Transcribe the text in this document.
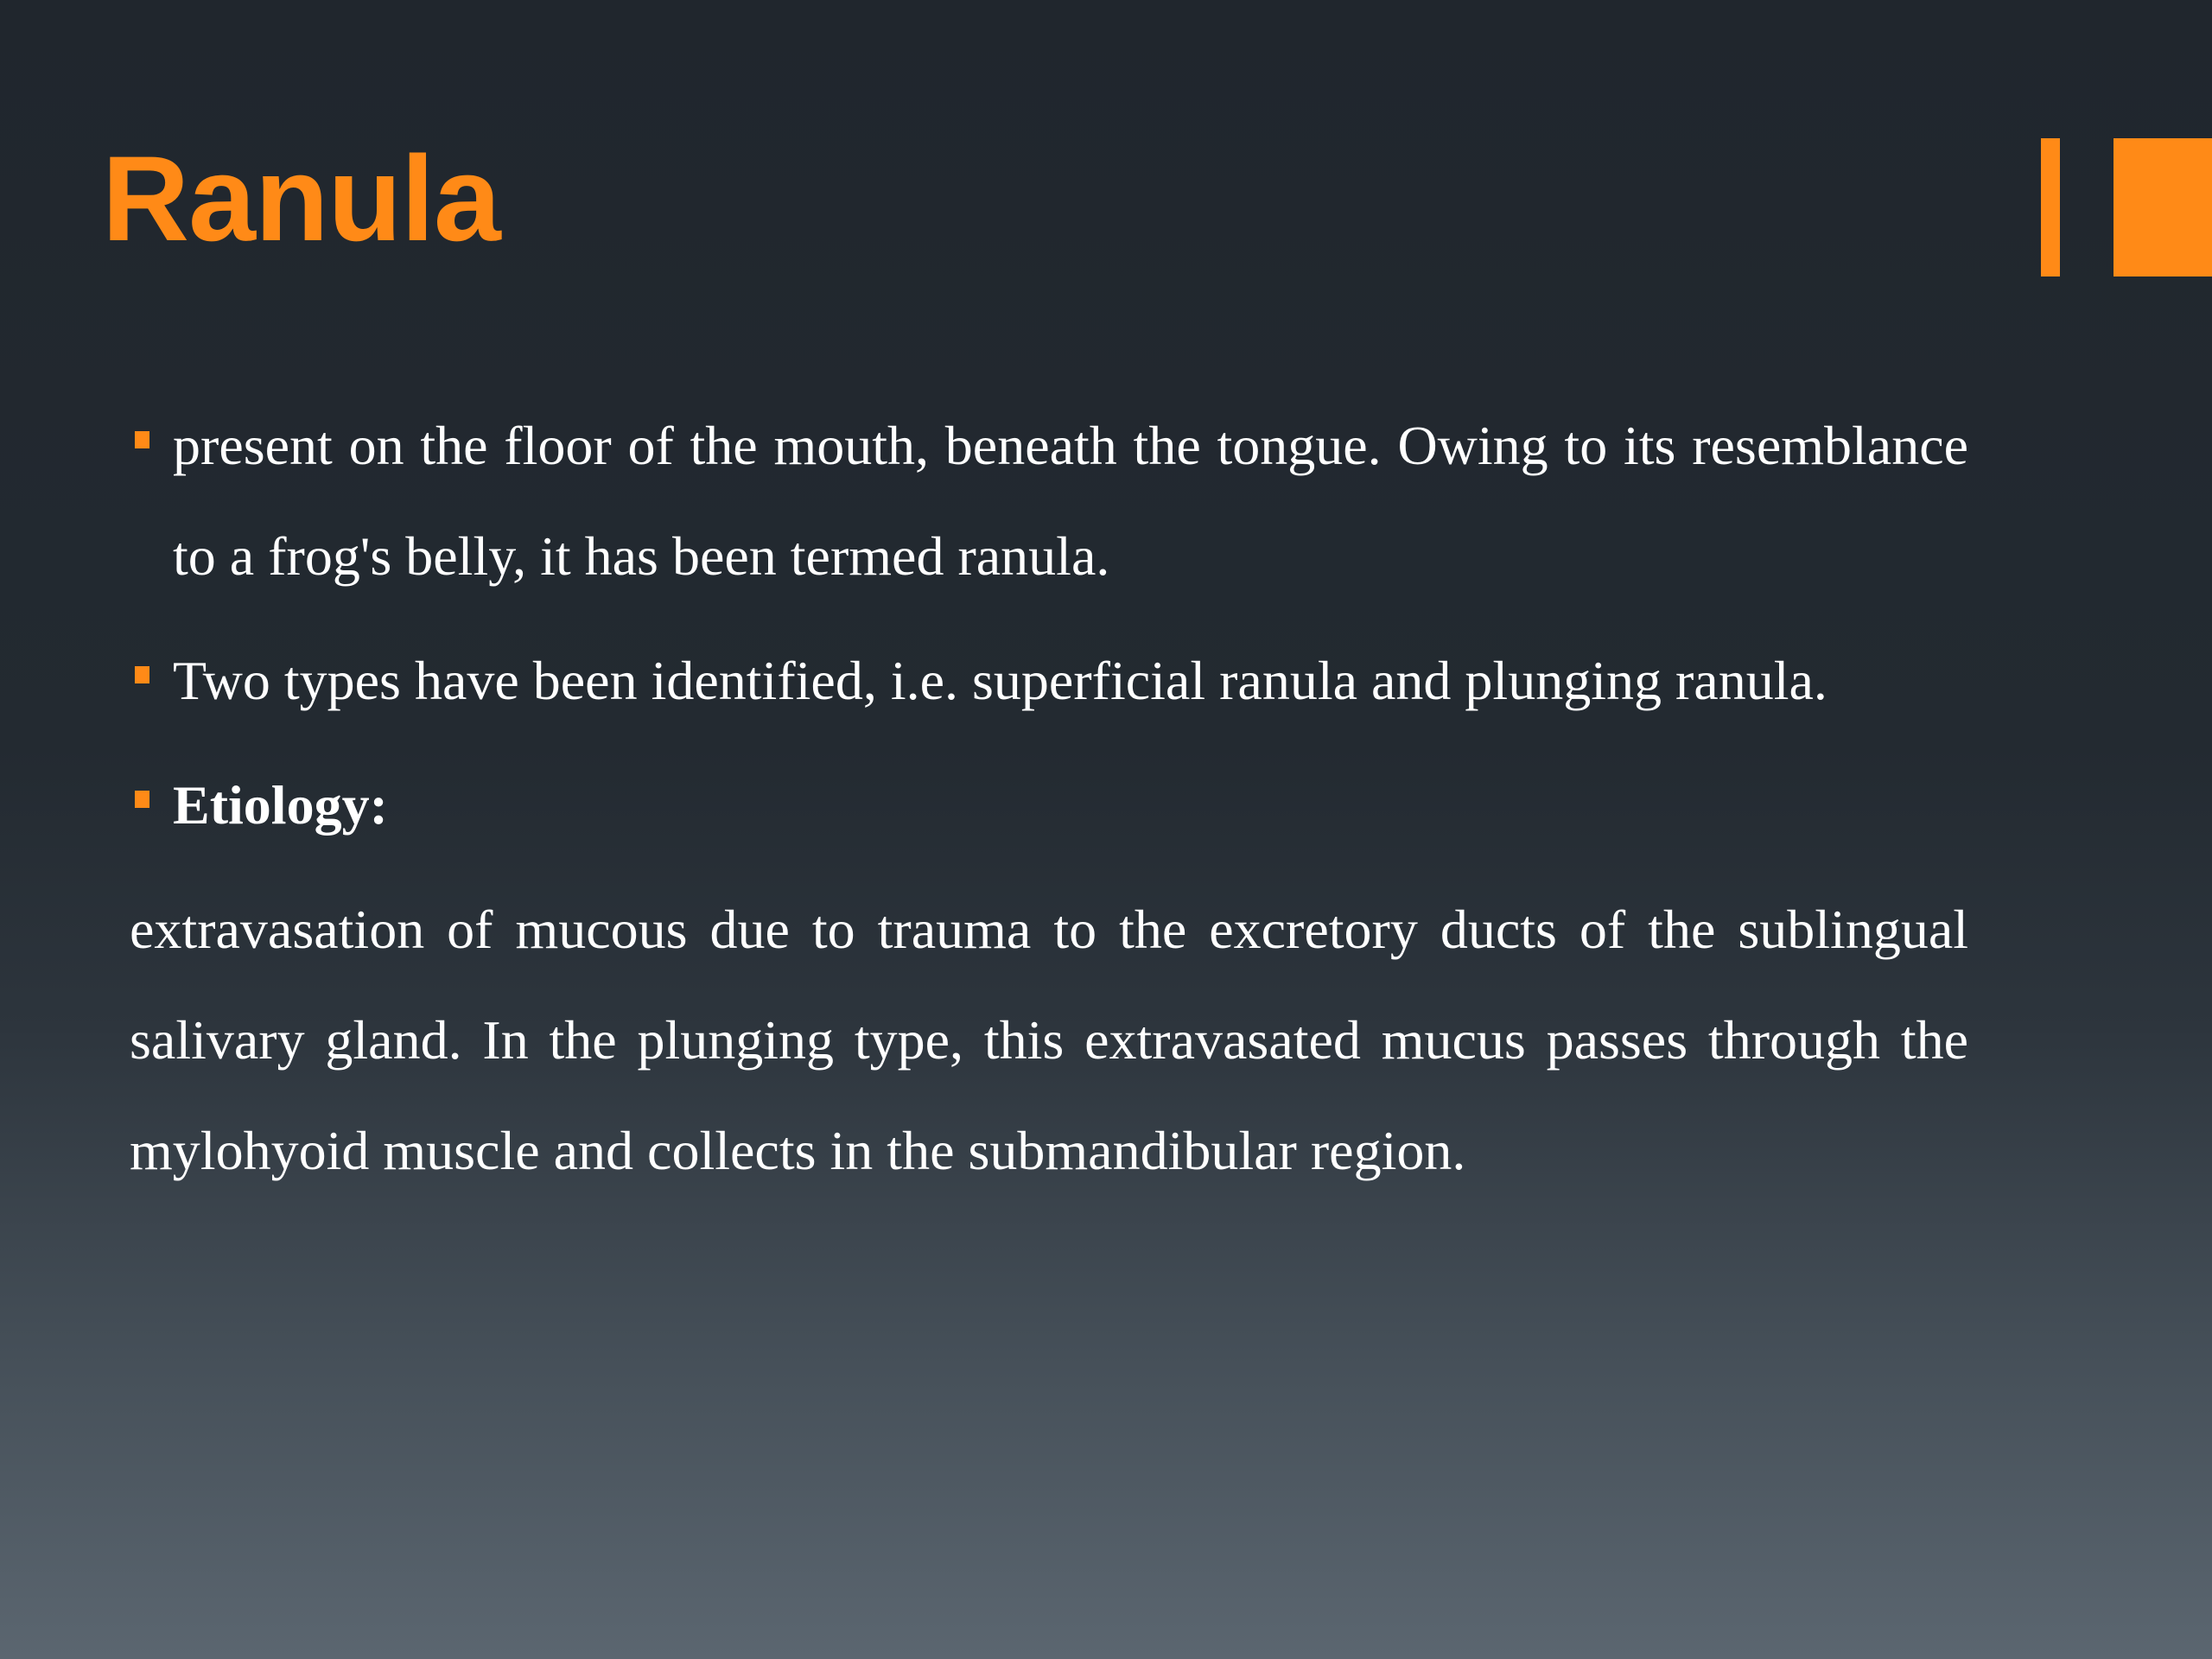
Ranula
present on the floor of the mouth, beneath the tongue. Owing to its resemblance to a frog's belly, it has been termed ranula.
Two types have been identified, i.e. superficial ranula and plunging ranula.
Etiology:

extravasation of mucous due to trauma to the excretory ducts of the sublingual salivary gland. In the plunging type, this extravasated mucus passes through the mylohyoid muscle and collects in the submandibular region.
